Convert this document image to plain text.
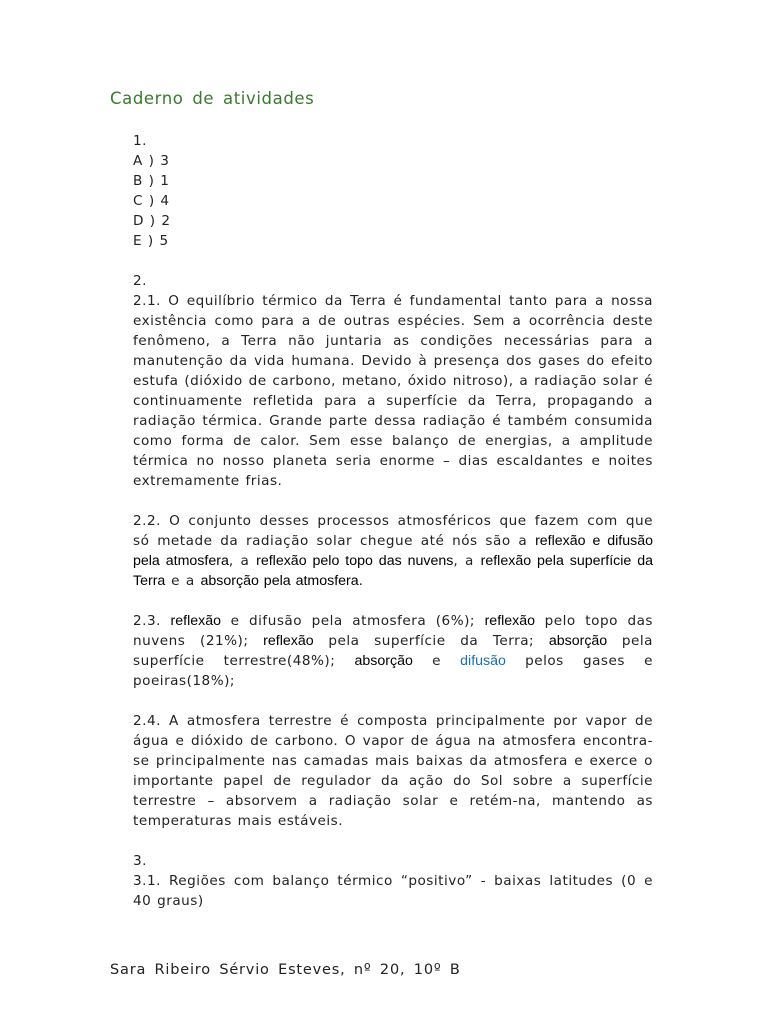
Caderno de atividades

1.

A ) 3

B ) 1

C ) 4

D ) 2

E ) 5

2.

2.1. O equilíbrio térmico da Terra é fundamental tanto para a nossa existência como para a de outras espécies. Sem a ocorrência deste fenômeno, a Terra não juntaria as condições necessárias para a manutenção da vida humana. Devido à presença dos gases do efeito estufa (dióxido de carbono, metano, óxido nitroso), a radiação solar é continuamente refletida para a superfície da Terra, propagando a radiação térmica. Grande parte dessa radiação é também consumida como forma de calor. Sem esse balanço de energias, a amplitude térmica no nosso planeta seria enorme – dias escaldantes e noites extremamente frias.

2.2. O conjunto desses processos atmosféricos que fazem com que só metade da radiação solar chegue até nós são a reflexão e difusão pela atmosfera, a reflexão pelo topo das nuvens, a reflexão pela superfície da Terra e a absorção pela atmosfera.

2.3. reflexão e difusão pela atmosfera (6%); reflexão pelo topo das nuvens (21%); reflexão pela superfície da Terra; absorção pela superfície terrestre(48%); absorção e difusão pelos gases e poeiras(18%);

2.4. A atmosfera terrestre é composta principalmente por vapor de água e dióxido de carbono. O vapor de água na atmosfera encontra-se principalmente nas camadas mais baixas da atmosfera e exerce o importante papel de regulador da ação do Sol sobre a superfície terrestre – absorvem a radiação solar e retém-na, mantendo as temperaturas mais estáveis.

3.

3.1. Regiões com balanço térmico “positivo” - baixas latitudes (0 e 40 graus)

Sara Ribeiro Sérvio Esteves, nº 20, 10º B
